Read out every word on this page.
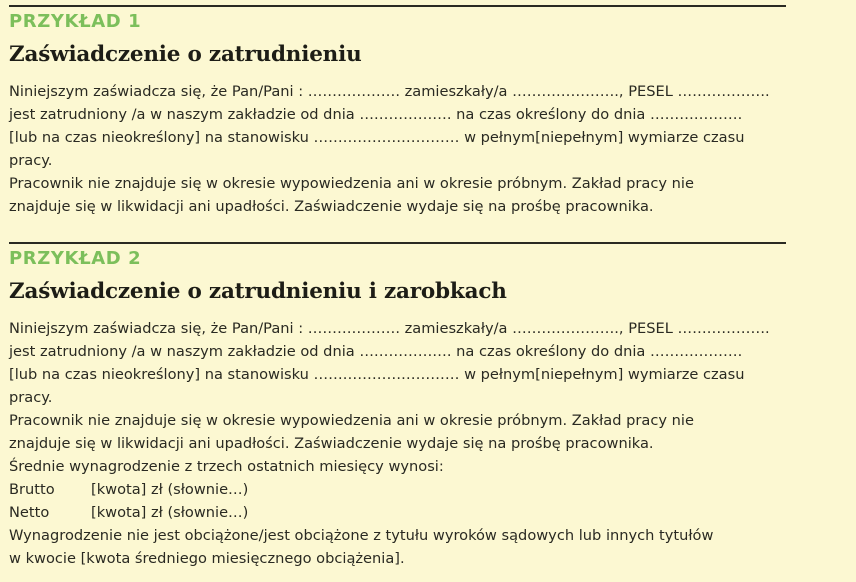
PRZYKŁAD 1
Zaświadczenie o zatrudnieniu
Niniejszym zaświadcza się, że Pan/Pani : ………………. zamieszkały/a …………………., PESEL ……………….
jest zatrudniony /a w naszym zakładzie od dnia ………………. na czas określony do dnia ……………….
[lub na czas nieokreślony] na stanowisku ………………………… w pełnym[niepełnym] wymiarze czasu
pracy.
Pracownik nie znajduje się w okresie wypowiedzenia ani w okresie próbnym. Zakład pracy nie
znajduje się w likwidacji ani upadłości. Zaświadczenie wydaje się na prośbę pracownika.
PRZYKŁAD 2
Zaświadczenie o zatrudnieniu i zarobkach
Niniejszym zaświadcza się, że Pan/Pani : ………………. zamieszkały/a …………………., PESEL ……………….
jest zatrudniony /a w naszym zakładzie od dnia ………………. na czas określony do dnia ……………….
[lub na czas nieokreślony] na stanowisku ………………………… w pełnym[niepełnym] wymiarze czasu
pracy.
Pracownik nie znajduje się w okresie wypowiedzenia ani w okresie próbnym. Zakład pracy nie
znajduje się w likwidacji ani upadłości. Zaświadczenie wydaje się na prośbę pracownika.
Średnie wynagrodzenie z trzech ostatnich miesięcy wynosi:
Brutto [kwota] zł (słownie…)
Netto	[kwota] zł (słownie…)
Wynagrodzenie nie jest obciążone/jest obciążone z tytułu wyroków sądowych lub innych tytułów
w kwocie [kwota średniego miesięcznego obciążenia].
